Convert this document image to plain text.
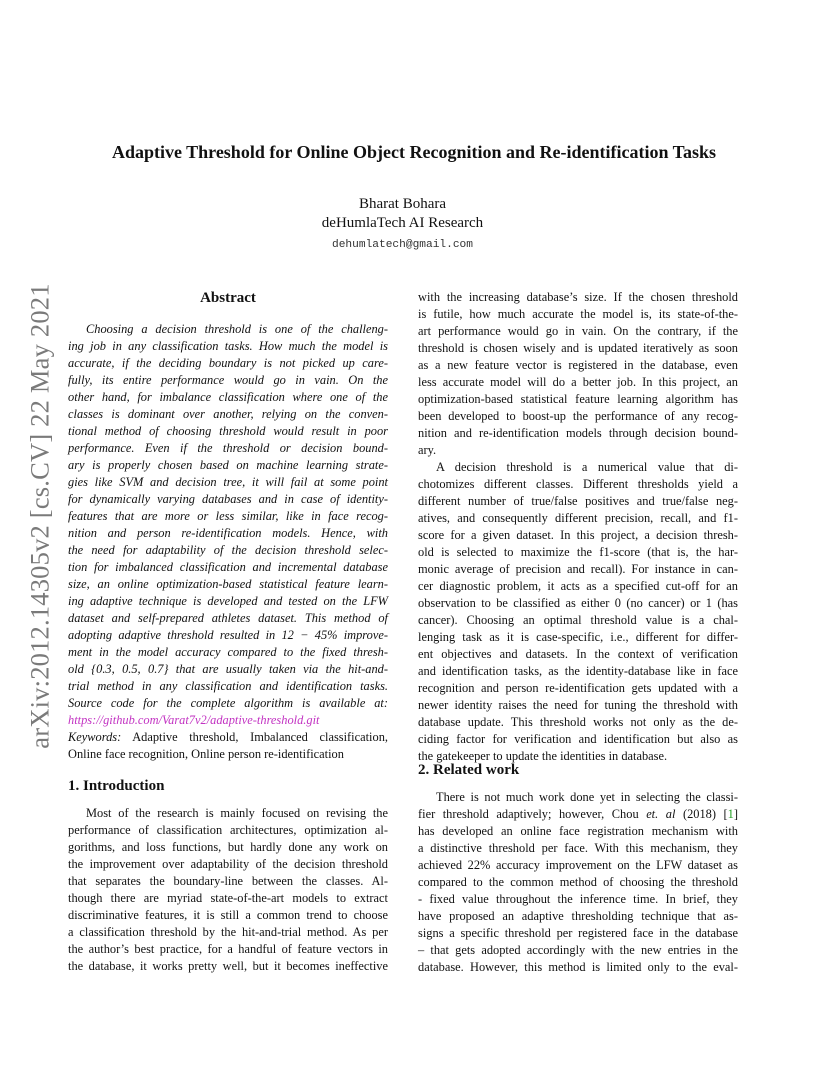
arXiv:2012.14305v2 [cs.CV] 22 May 2021
Adaptive Threshold for Online Object Recognition and Re-identification Tasks
Bharat Bohara
deHumlaTech AI Research
dehumlatech@gmail.com
Abstract
Choosing a decision threshold is one of the challeng-
ing job in any classification tasks. How much the model is
accurate, if the deciding boundary is not picked up care-
fully, its entire performance would go in vain. On the
other hand, for imbalance classification where one of the
classes is dominant over another, relying on the conven-
tional method of choosing threshold would result in poor
performance. Even if the threshold or decision bound-
ary is properly chosen based on machine learning strate-
gies like SVM and decision tree, it will fail at some point
for dynamically varying databases and in case of identity-
features that are more or less similar, like in face recog-
nition and person re-identification models. Hence, with
the need for adaptability of the decision threshold selec-
tion for imbalanced classification and incremental database
size, an online optimization-based statistical feature learn-
ing adaptive technique is developed and tested on the LFW
dataset and self-prepared athletes dataset. This method of
adopting adaptive threshold resulted in 12 − 45% improve-
ment in the model accuracy compared to the fixed thresh-
old {0.3, 0.5, 0.7} that are usually taken via the hit-and-
trial method in any classification and identification tasks.
Source code for the complete algorithm is available at:
https://github.com/Varat7v2/adaptive-threshold.git
Keywords: Adaptive threshold, Imbalanced classification,
Online face recognition, Online person re-identification
1. Introduction
Most of the research is mainly focused on revising the
performance of classification architectures, optimization al-
gorithms, and loss functions, but hardly done any work on
the improvement over adaptability of the decision threshold
that separates the boundary-line between the classes. Al-
though there are myriad state-of-the-art models to extract
discriminative features, it is still a common trend to choose
a classification threshold by the hit-and-trial method. As per
the author’s best practice, for a handful of feature vectors in
the database, it works pretty well, but it becomes ineffective
with the increasing database’s size. If the chosen threshold
is futile, how much accurate the model is, its state-of-the-
art performance would go in vain. On the contrary, if the
threshold is chosen wisely and is updated iteratively as soon
as a new feature vector is registered in the database, even
less accurate model will do a better job. In this project, an
optimization-based statistical feature learning algorithm has
been developed to boost-up the performance of any recog-
nition and re-identification models through decision bound-
ary.
A decision threshold is a numerical value that di-
chotomizes different classes. Different thresholds yield a
different number of true/false positives and true/false neg-
atives, and consequently different precision, recall, and f1-
score for a given dataset. In this project, a decision thresh-
old is selected to maximize the f1-score (that is, the har-
monic average of precision and recall). For instance in can-
cer diagnostic problem, it acts as a specified cut-off for an
observation to be classified as either 0 (no cancer) or 1 (has
cancer). Choosing an optimal threshold value is a chal-
lenging task as it is case-specific, i.e., different for differ-
ent objectives and datasets. In the context of verification
and identification tasks, as the identity-database like in face
recognition and person re-identification gets updated with a
newer identity raises the need for tuning the threshold with
database update. This threshold works not only as the de-
ciding factor for verification and identification but also as
the gatekeeper to update the identities in database.
2. Related work
There is not much work done yet in selecting the classi-
fier threshold adaptively; however, Chou et. al (2018) [1]
has developed an online face registration mechanism with
a distinctive threshold per face. With this mechanism, they
achieved 22% accuracy improvement on the LFW dataset as
compared to the common method of choosing the threshold
- fixed value throughout the inference time. In brief, they
have proposed an adaptive thresholding technique that as-
signs a specific threshold per registered face in the database
– that gets adopted accordingly with the new entries in the
database. However, this method is limited only to the eval-
